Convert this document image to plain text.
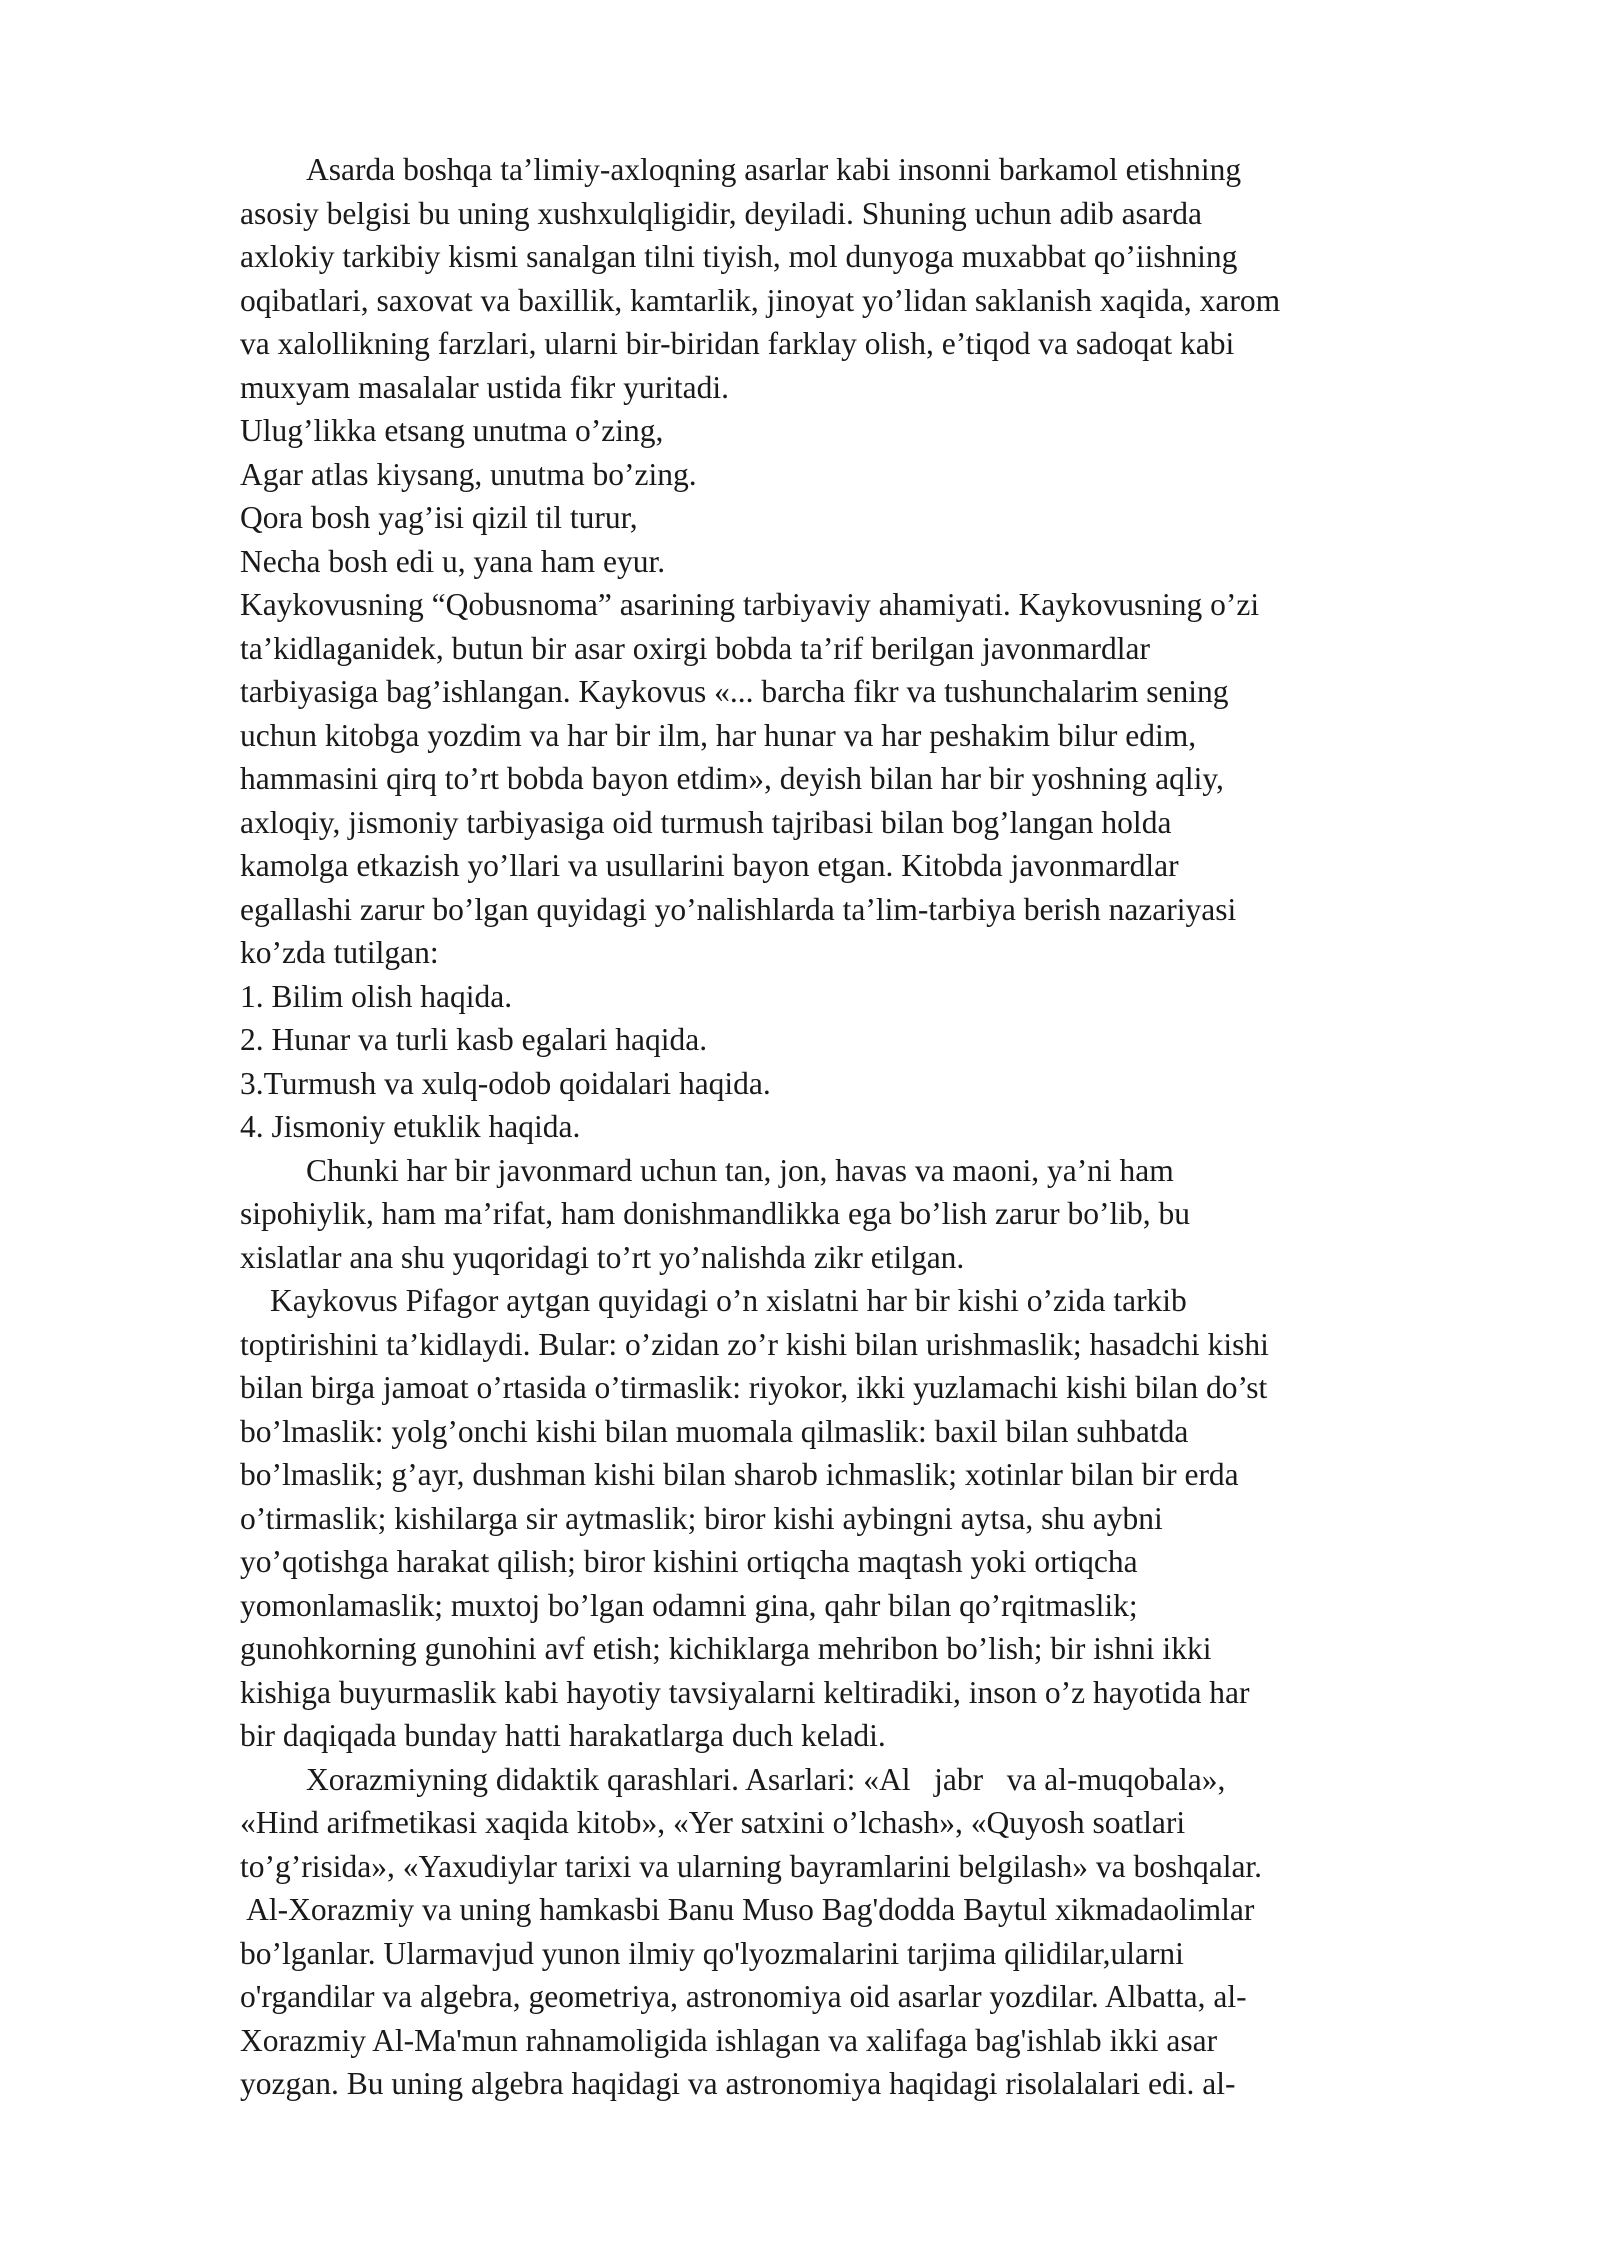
Asarda boshqa ta’limiy-axloqning asarlar kabi insonni barkamol etishning
asosiy belgisi bu uning xushxulqligidir, deyiladi. Shuning uchun adib asarda
axlokiy tarkibiy kismi sanalgan tilni tiyish, mol dunyoga muxabbat qo’iishning
oqibatlari, saxovat va baxillik, kamtarlik, jinoyat yo’lidan saklanish xaqida, xarom
va xalollikning farzlari, ularni bir-biridan farklay olish, e’tiqod va sadoqat kabi
muxyam masalalar ustida fikr yuritadi.
Ulug’likka etsang unutma o’zing,
Agar atlas kiysang, unutma bo’zing.
Qora bosh yag’isi qizil til turur,
Necha bosh edi u, yana ham eyur.
Kaykovusning “Qobusnoma” asarining tarbiyaviy ahamiyati. Kaykovusning o’zi
ta’kidlaganidek, butun bir asar oxirgi bobda ta’rif berilgan javonmardlar
tarbiyasiga bag’ishlangan. Kaykovus «... barcha fikr va tushunchalarim sening
uchun kitobga yozdim va har bir ilm, har hunar va har peshakim bilur edim,
hammasini qirq to’rt bobda bayon etdim», deyish bilan har bir yoshning aqliy,
axloqiy, jismoniy tarbiyasiga oid turmush tajribasi bilan bog’langan holda
kamolga etkazish yo’llari va usullarini bayon etgan. Kitobda javonmardlar
egallashi zarur bo’lgan quyidagi yo’nalishlarda ta’lim-tarbiya berish nazariyasi
ko’zda tutilgan:
1. Bilim olish haqida.
2. Hunar va turli kasb egalari haqida.
3.Turmush va xulq-odob qoidalari haqida.
4. Jismoniy etuklik haqida.
Chunki har bir javonmard uchun tan, jon, havas va maoni, ya’ni ham
sipohiylik, ham ma’rifat, ham donishmandlikka ega bo’lish zarur bo’lib, bu
xislatlar ana shu yuqoridagi to’rt yo’nalishda zikr etilgan.
Kaykovus Pifagor aytgan quyidagi o’n xislatni har bir kishi o’zida tarkib
toptirishini ta’kidlaydi. Bular: o’zidan zo’r kishi bilan urishmaslik; hasadchi kishi
bilan birga jamoat o’rtasida o’tirmaslik: riyokor, ikki yuzlamachi kishi bilan do’st
bo’lmaslik: yolg’onchi kishi bilan muomala qilmaslik: baxil bilan suhbatda
bo’lmaslik; g’ayr, dushman kishi bilan sharob ichmaslik; xotinlar bilan bir erda
o’tirmaslik; kishilarga sir aytmaslik; biror kishi aybingni aytsa, shu aybni
yo’qotishga harakat qilish; biror kishini ortiqcha maqtash yoki ortiqcha
yomonlamaslik; muxtoj bo’lgan odamni gina, qahr bilan qo’rqitmaslik;
gunohkorning gunohini avf etish; kichiklarga mehribon bo’lish; bir ishni ikki
kishiga buyurmaslik kabi hayotiy tavsiyalarni keltiradiki, inson o’z hayotida har
bir daqiqada bunday hatti harakatlarga duch keladi.
Xorazmiyning didaktik qarashlari. Asarlari: «Al   jabr   va al-muqobala»,
«Hind arifmetikasi xaqida kitob», «Yer satxini o’lchash», «Quyosh soatlari
to’g’risida», «Yaxudiylar tarixi va ularning bayramlarini belgilash» va boshqalar.
Al-Xorazmiy va uning hamkasbi Banu Muso Bag'dodda Baytul xikmadaolimlar
bo’lganlar. Ularmavjud yunon ilmiy qo'lyozmalarini tarjima qilidilar,ularni
o'rgandilar va algebra, geometriya, astronomiya oid asarlar yozdilar. Albatta, al-
Xorazmiy Al-Ma'mun rahnamoligida ishlagan va xalifaga bag'ishlab ikki asar
yozgan. Bu uning algebra haqidagi va astronomiya haqidagi risolalalari edi. al-
